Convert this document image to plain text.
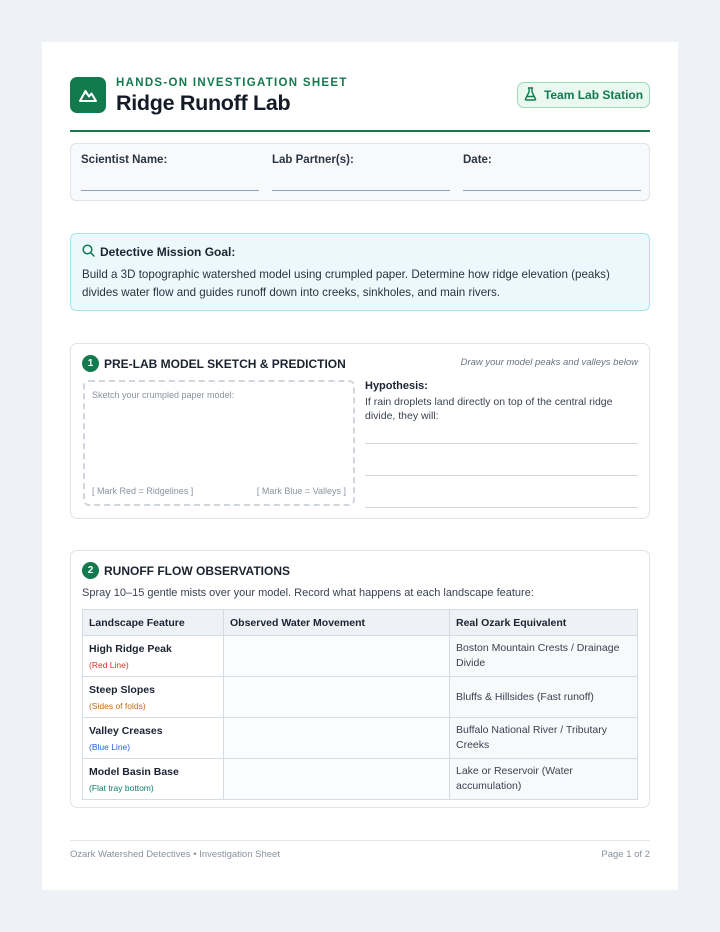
HANDS-ON INVESTIGATION SHEET
Ridge Runoff Lab	Team Lab Station
Scientist Name:	Lab Partner(s):	Date:
Detective Mission Goal:
Build a 3D topographic watershed model using crumpled paper. Determine how ridge elevation (peaks) divides water flow and guides runoff down into creeks, sinkholes, and main rivers.
1 PRE-LAB MODEL SKETCH & PREDICTION	Draw your model peaks and valleys below
Sketch your crumpled paper model:
[ Mark Red = Ridgelines ]	[ Mark Blue = Valleys ]
Hypothesis:
If rain droplets land directly on top of the central ridge divide, they will:
2 RUNOFF FLOW OBSERVATIONS
Spray 10–15 gentle mists over your model. Record what happens at each landscape feature:
Landscape Feature	Observed Water Movement	Real Ozark Equivalent

High Ridge Peak
(Red Line)		Boston Mountain Crests / Drainage Divide

Steep Slopes
(Sides of folds)		Bluffs & Hillsides (Fast runoff)

Valley Creases
(Blue Line)		Buffalo National River / Tributary Creeks

Model Basin Base
(Flat tray bottom)		Lake or Reservoir (Water accumulation)
Ozark Watershed Detectives • Investigation Sheet	Page 1 of 2
